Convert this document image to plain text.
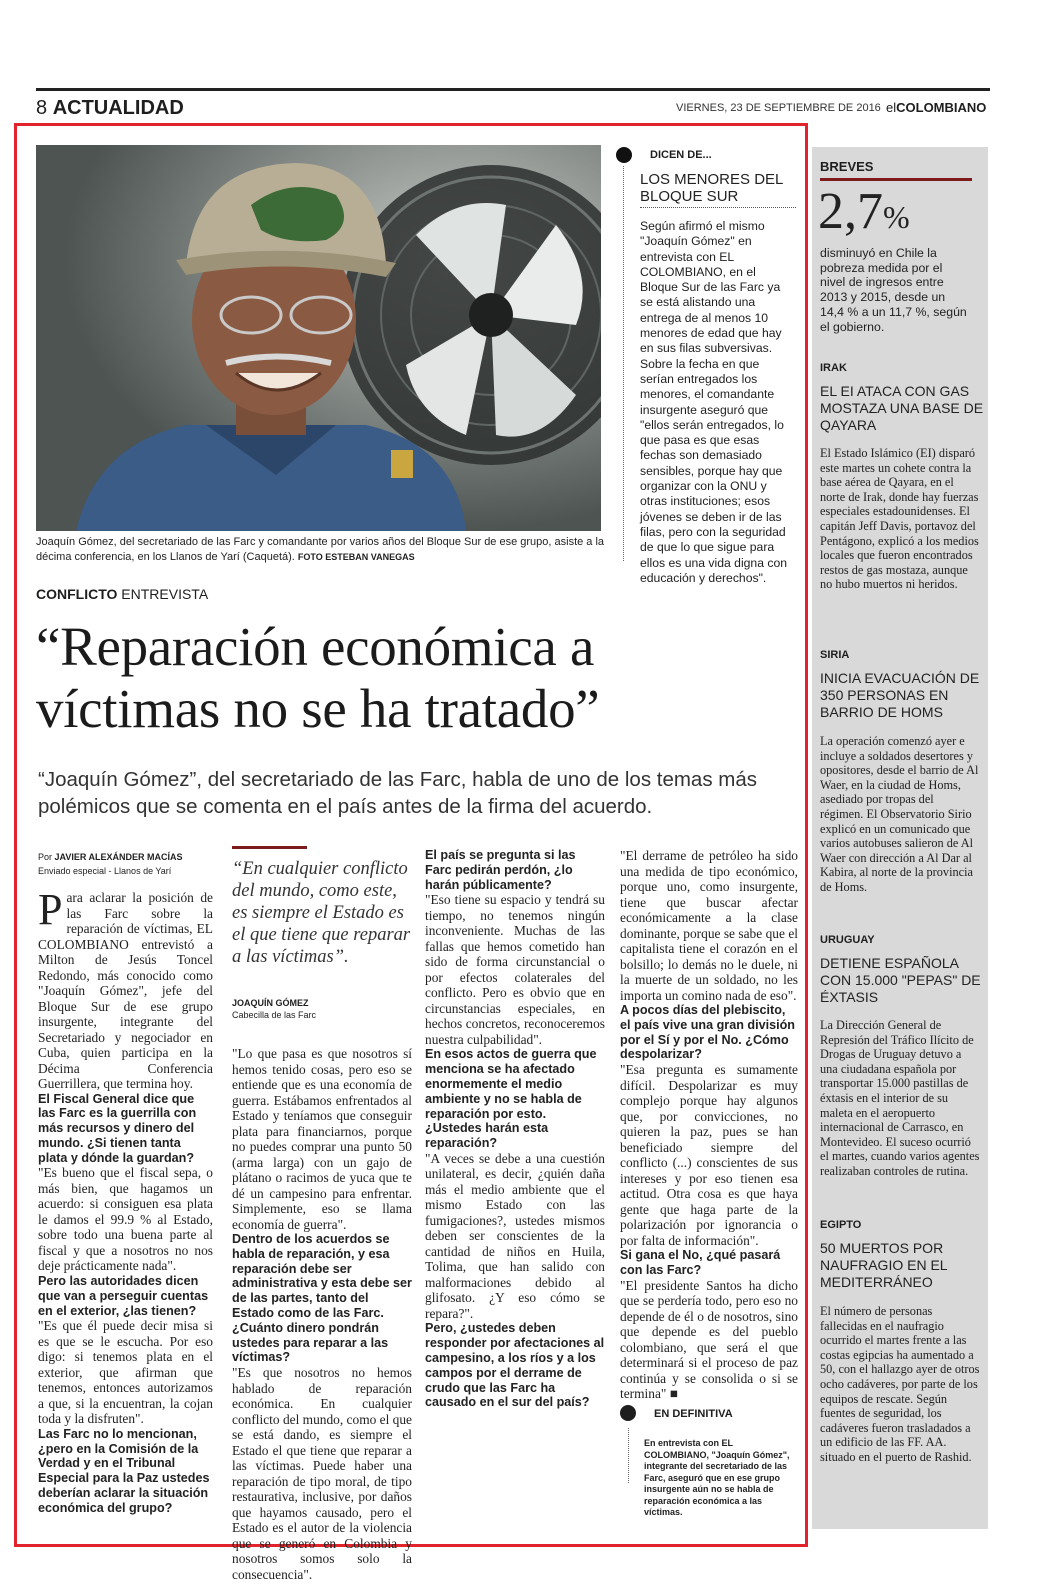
8 ACTUALIDAD	VIERNES, 23 DE SEPTIEMBRE DE 2016 elCOLOMBIANO
Joaquín Gómez, del secretariado de las Farc y comandante por varios años del Bloque Sur de ese grupo, asiste a la décima conferencia, en los Llanos de Yarí (Caquetá). FOTO ESTEBAN VANEGAS
DICEN DE...
LOS MENORES DEL
BLOQUE SUR
Según afirmó el mismo "Joaquín Gómez" en entrevista con EL COLOMBIANO, en el Bloque Sur de las Farc ya se está alistando una entrega de al menos 10 menores de edad que hay en sus filas subversivas. Sobre la fecha en que serían entregados los menores, el comandante insurgente aseguró que "ellos serán entregados, lo que pasa es que esas fechas son demasiado sensibles, porque hay que organizar con la ONU y otras instituciones; esos jóvenes se deben ir de las filas, pero con la seguridad de que lo que sigue para ellos es una vida digna con educación y derechos".
CONFLICTO ENTREVISTA
“Reparación económica a
víctimas no se ha tratado”
“Joaquín Gómez”, del secretariado de las Farc, habla de uno de los temas más polémicos que se comenta en el país antes de la firma del acuerdo.
Por JAVIER ALEXÁNDER MACÍAS
Enviado especial - Llanos de Yarí

Para aclarar la posición de las Farc sobre la reparación de víctimas, EL COLOMBIANO entrevistó a Milton de Jesús Toncel Redondo, más conocido como "Joaquín Gómez", jefe del Bloque Sur de ese grupo insurgente, integrante del Secretariado y negociador en Cuba, quien participa en la Décima Conferencia Guerrillera, que termina hoy.

El Fiscal General dice que las Farc es la guerrilla con más recursos y dinero del mundo. ¿Si tienen tanta plata y dónde la guardan?

"Es bueno que el fiscal sepa, o más bien, que hagamos un acuerdo: si consiguen esa plata le damos el 99.9 % al Estado, sobre todo una buena parte al fiscal y que a nosotros no nos deje prácticamente nada".

Pero las autoridades dicen que van a perseguir cuentas en el exterior, ¿las tienen?

"Es que él puede decir misa si es que se le escucha. Por eso digo: si tenemos plata en el exterior, que afirman que tenemos, entonces autorizamos a que, si la encuentran, la cojan toda y la disfruten".

Las Farc no lo mencionan, ¿pero en la Comisión de la Verdad y en el Tribunal Especial para la Paz ustedes deberían aclarar la situación económica del grupo?

“En cualquier conflicto del mundo, como este, es siempre el Estado es el que tiene que reparar a las víctimas”.
JOAQUÍN GÓMEZ
Cabecilla de las Farc

"Lo que pasa es que nosotros sí hemos tenido cosas, pero eso se entiende que es una economía de guerra. Estábamos enfrentados al Estado y teníamos que conseguir plata para financiarnos, porque no puedes comprar una punto 50 (arma larga) con un gajo de plátano o racimos de yuca que te dé un campesino para enfrentar. Simplemente, eso se llama economía de guerra".

Dentro de los acuerdos se habla de reparación, y esa reparación debe ser administrativa y esta debe ser de las partes, tanto del Estado como de las Farc. ¿Cuánto dinero pondrán ustedes para reparar a las víctimas?

"Es que nosotros no hemos hablado de reparación económica. En cualquier conflicto del mundo, como el que se está dando, es siempre el Estado el que tiene que reparar a las víctimas. Puede haber una reparación de tipo moral, de tipo restaurativa, inclusive, por daños que hayamos causado, pero el Estado es el autor de la violencia que se generó en Colombia y nosotros somos solo la consecuencia".

El país se pregunta si las Farc pedirán perdón, ¿lo harán públicamente?

"Eso tiene su espacio y tendrá su tiempo, no tenemos ningún inconveniente. Muchas de las fallas que hemos cometido han sido de forma circunstancial o por efectos colaterales del conflicto. Pero es obvio que en circunstancias especiales, en hechos concretos, reconoceremos nuestra culpabilidad".

En esos actos de guerra que menciona se ha afectado enormemente el medio ambiente y no se habla de reparación por esto. ¿Ustedes harán esta reparación?

"A veces se debe a una cuestión unilateral, es decir, ¿quién daña más el medio ambiente que el mismo Estado con las fumigaciones?, ustedes mismos deben ser conscientes de la cantidad de niños en Huila, Tolima, que han salido con malformaciones debido al glifosato. ¿Y eso cómo se repara?".

Pero, ¿ustedes deben responder por afectaciones al campesino, a los ríos y a los campos por el derrame de crudo que las Farc ha causado en el sur del país?

"El derrame de petróleo ha sido una medida de tipo económico, porque uno, como insurgente, tiene que buscar afectar económicamente a la clase dominante, porque se sabe que el capitalista tiene el corazón en el bolsillo; lo demás no le duele, ni la muerte de un soldado, no les importa un comino nada de eso".

A pocos días del plebiscito, el país vive una gran división por el Sí y por el No. ¿Cómo despolarizar?

"Esa pregunta es sumamente difícil. Despolarizar es muy complejo porque hay algunos que, por convicciones, no quieren la paz, pues se han beneficiado siempre del conflicto (...) conscientes de sus intereses y por eso tienen esa actitud. Otra cosa es que haya gente que haga parte de la polarización por ignorancia o por falta de información".

Si gana el No, ¿qué pasará con las Farc?

"El presidente Santos ha dicho que se perdería todo, pero eso no depende de él o de nosotros, sino que depende es del pueblo colombiano, que será el que determinará si el proceso de paz continúa y se consolida o si se termina" ■

EN DEFINITIVA
En entrevista con EL COLOMBIANO, "Joaquín Gómez", integrante del secretariado de las Farc, aseguró que en ese grupo insurgente aún no se habla de reparación económica a las víctimas.
BREVES
2,7%
disminuyó en Chile la pobreza medida por el nivel de ingresos entre 2013 y 2015, desde un 14,4 % a un 11,7 %, según el gobierno.
IRAK
EL EI ATACA CON GAS MOSTAZA UNA BASE DE QAYARA
El Estado Islámico (EI) disparó este martes un cohete contra la base aérea de Qayara, en el norte de Irak, donde hay fuerzas especiales estadounidenses. El capitán Jeff Davis, portavoz del Pentágono, explicó a los medios locales que fueron encontrados restos de gas mostaza, aunque no hubo muertos ni heridos.
SIRIA
INICIA EVACUACIÓN DE 350 PERSONAS EN BARRIO DE HOMS
La operación comenzó ayer e incluye a soldados desertores y opositores, desde el barrio de Al Waer, en la ciudad de Homs, asediado por tropas del régimen. El Observatorio Sirio explicó en un comunicado que varios autobuses salieron de Al Waer con dirección a Al Dar al Kabira, al norte de la provincia de Homs.
URUGUAY
DETIENE ESPAÑOLA CON 15.000 "PEPAS" DE ÉXTASIS
La Dirección General de Represión del Tráfico Ilícito de Drogas de Uruguay detuvo a una ciudadana española por transportar 15.000 pastillas de éxtasis en el interior de su maleta en el aeropuerto internacional de Carrasco, en Montevideo. El suceso ocurrió el martes, cuando varios agentes realizaban controles de rutina.
EGIPTO
50 MUERTOS POR NAUFRAGIO EN EL MEDITERRÁNEO
El número de personas fallecidas en el naufragio ocurrido el martes frente a las costas egipcias ha aumentado a 50, con el hallazgo ayer de otros ocho cadáveres, por parte de los equipos de rescate. Según fuentes de seguridad, los cadáveres fueron trasladados a un edificio de las FF. AA. situado en el puerto de Rashid.
